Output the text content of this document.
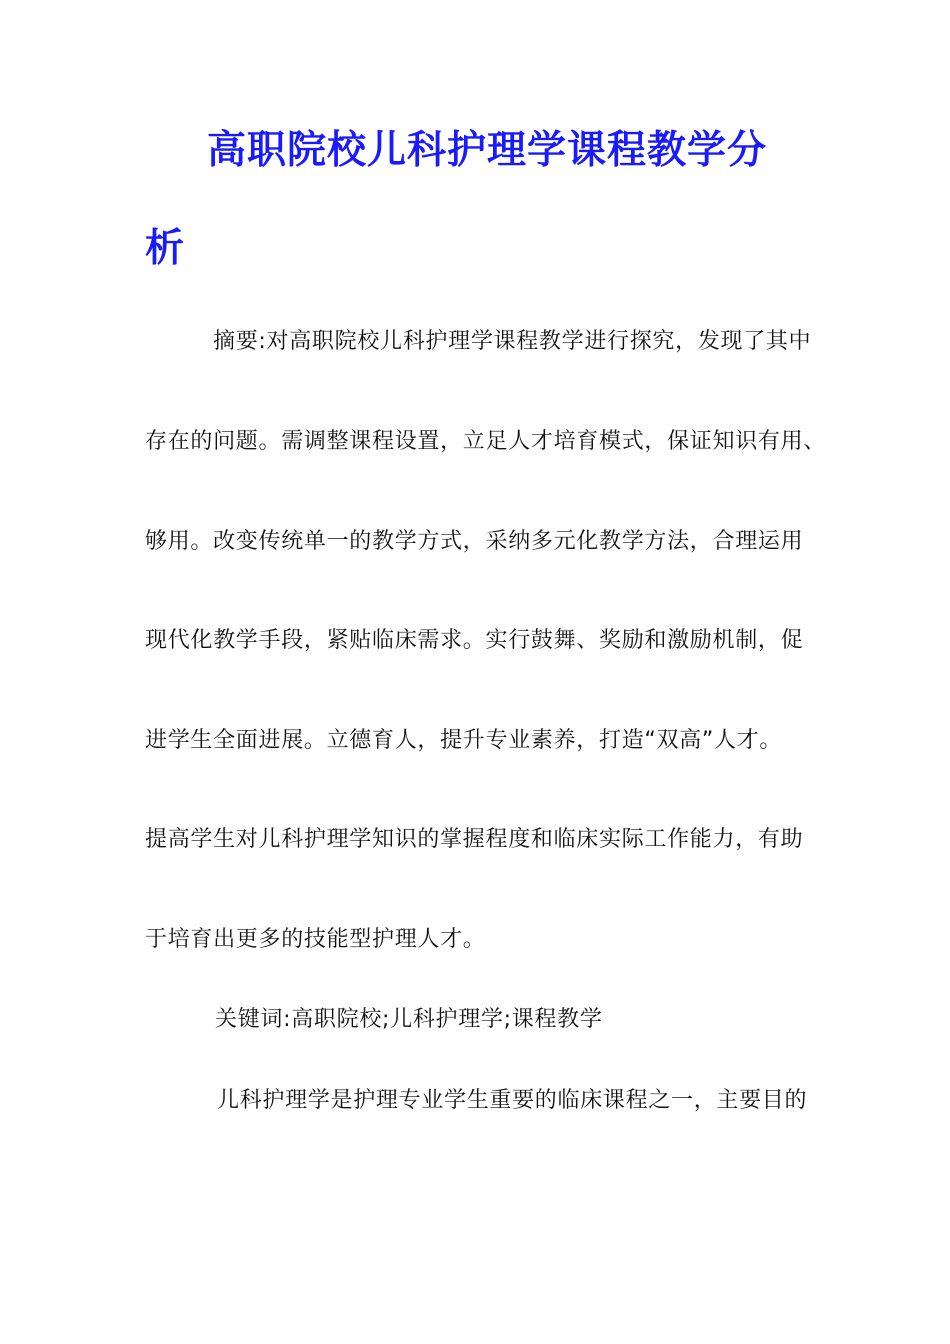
高职院校儿科护理学课程教学分
析
摘要:对高职院校儿科护理学课程教学进行探究，发现了其中
存在的问题。需调整课程设置，立足人才培育模式，保证知识有用、
够用。改变传统单一的教学方式，采纳多元化教学方法，合理运用
现代化教学手段，紧贴临床需求。实行鼓舞、奖励和激励机制，促
进学生全面进展。立德育人，提升专业素养，打造“双高”人才。
提高学生对儿科护理学知识的掌握程度和临床实际工作能力，有助
于培育出更多的技能型护理人才。
关键词:高职院校;儿科护理学;课程教学
儿科护理学是护理专业学生重要的临床课程之一，主要目的
